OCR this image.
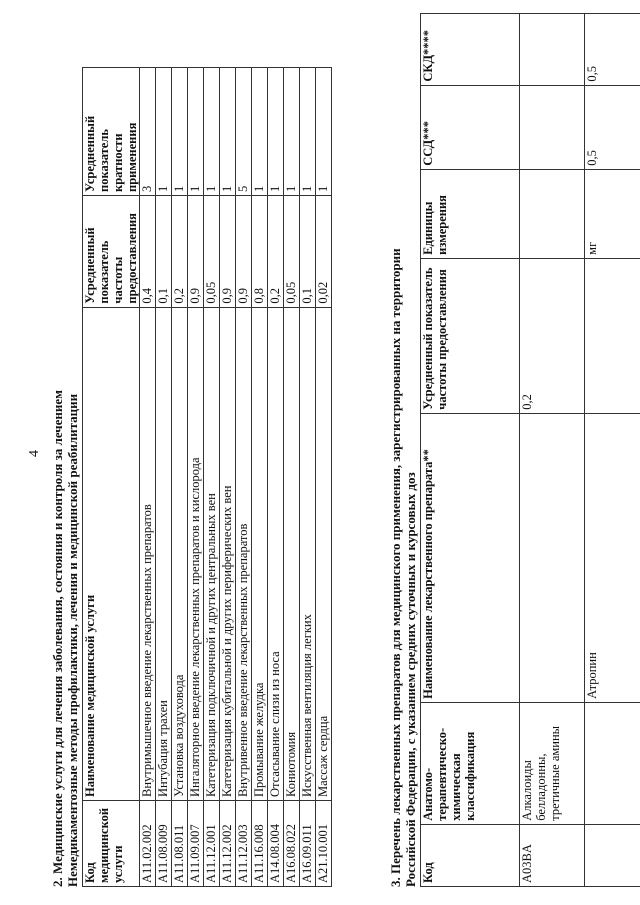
4 2. Медицинские услуги для лечения заболевания, состояния и контроля за лечением Немедикаментозные методы профилактики, лечения и медицинской реабилитации Код медицинской услуги	Наименование медицинской услуги	Усредненный показатель частоты предоставления	Усредненный показатель кратности применения
A11.02.002	Внутримышечное введение лекарственных препаратов	0,4	3
A11.08.009	Интубация трахеи	0,1	1
A11.08.011	Установка воздуховода	0,2	1
A11.09.007	Ингаляторное введение лекарственных препаратов и кислорода	0,9	1
A11.12.001	Катетеризация подключичной и других центральных вен	0,05	1
A11.12.002	Катетеризация кубитальной и других периферических вен	0,9	1
A11.12.003	Внутривенное введение лекарственных препаратов	0,9	5
A11.16.008	Промывание желудка	0,8	1
A14.08.004	Отсасывание слизи из носа	0,2	1
A16.08.022	Кониотомия	0,05	1
A16.09.011	Искусственная вентиляция легких	0,1	1
A21.10.001	Массаж сердца	0,02	1
3. Перечень лекарственных препаратов для медицинского применения, зарегистрированных на территории Российской Федерации, с указанием средних суточных и курсовых доз Код	Анатомо-терапевтическо-химическая классификация	Наименование лекарственного препарата**	Усредненный показатель частоты предоставления	Единицы измерения	ССД***	СКД****
A03BA	Алкалоиды белладонны, третичные амины		0,2			
		Атропин		мг	0,5	0,5
